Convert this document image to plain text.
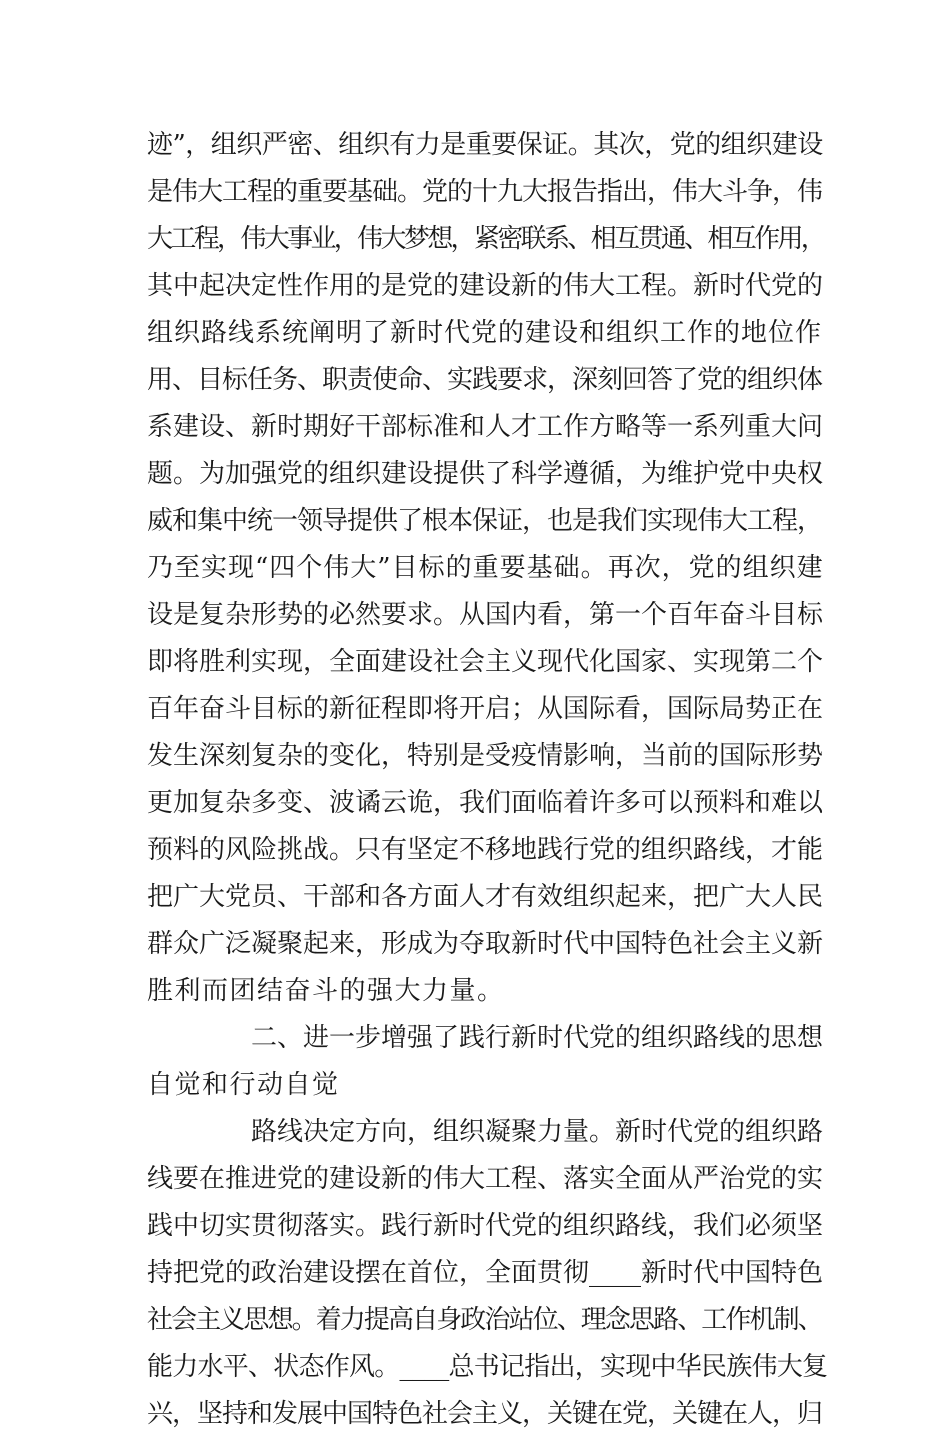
迹”，组织严密、组织有力是重要保证。其次，党的组织建设
是伟大工程的重要基础。党的十九大报告指出，伟大斗争，伟
大工程，伟大事业，伟大梦想，紧密联系、相互贯通、相互作用，
其中起决定性作用的是党的建设新的伟大工程。新时代党的
组织路线系统阐明了新时代党的建设和组织工作的地位作
用、目标任务、职责使命、实践要求，深刻回答了党的组织体
系建设、新时期好干部标准和人才工作方略等一系列重大问
题。为加强党的组织建设提供了科学遵循，为维护党中央权
威和集中统一领导提供了根本保证，也是我们实现伟大工程，
乃至实现“四个伟大”目标的重要基础。再次，党的组织建
设是复杂形势的必然要求。从国内看，第一个百年奋斗目标
即将胜利实现，全面建设社会主义现代化国家、实现第二个
百年奋斗目标的新征程即将开启；从国际看，国际局势正在
发生深刻复杂的变化，特别是受疫情影响，当前的国际形势
更加复杂多变、波谲云诡，我们面临着许多可以预料和难以
预料的风险挑战。只有坚定不移地践行党的组织路线，才能
把广大党员、干部和各方面人才有效组织起来，把广大人民
群众广泛凝聚起来，形成为夺取新时代中国特色社会主义新
胜利而团结奋斗的强大力量。
二、进一步增强了践行新时代党的组织路线的思想
自觉和行动自觉
路线决定方向，组织凝聚力量。新时代党的组织路
线要在推进党的建设新的伟大工程、落实全面从严治党的实
践中切实贯彻落实。践行新时代党的组织路线，我们必须坚
持把党的政治建设摆在首位，全面贯彻____新时代中国特色
社会主义思想。着力提高自身政治站位、理念思路、工作机制、
能力水平、状态作风。____总书记指出，实现中华民族伟大复
兴，坚持和发展中国特色社会主义，关键在党，关键在人，归
